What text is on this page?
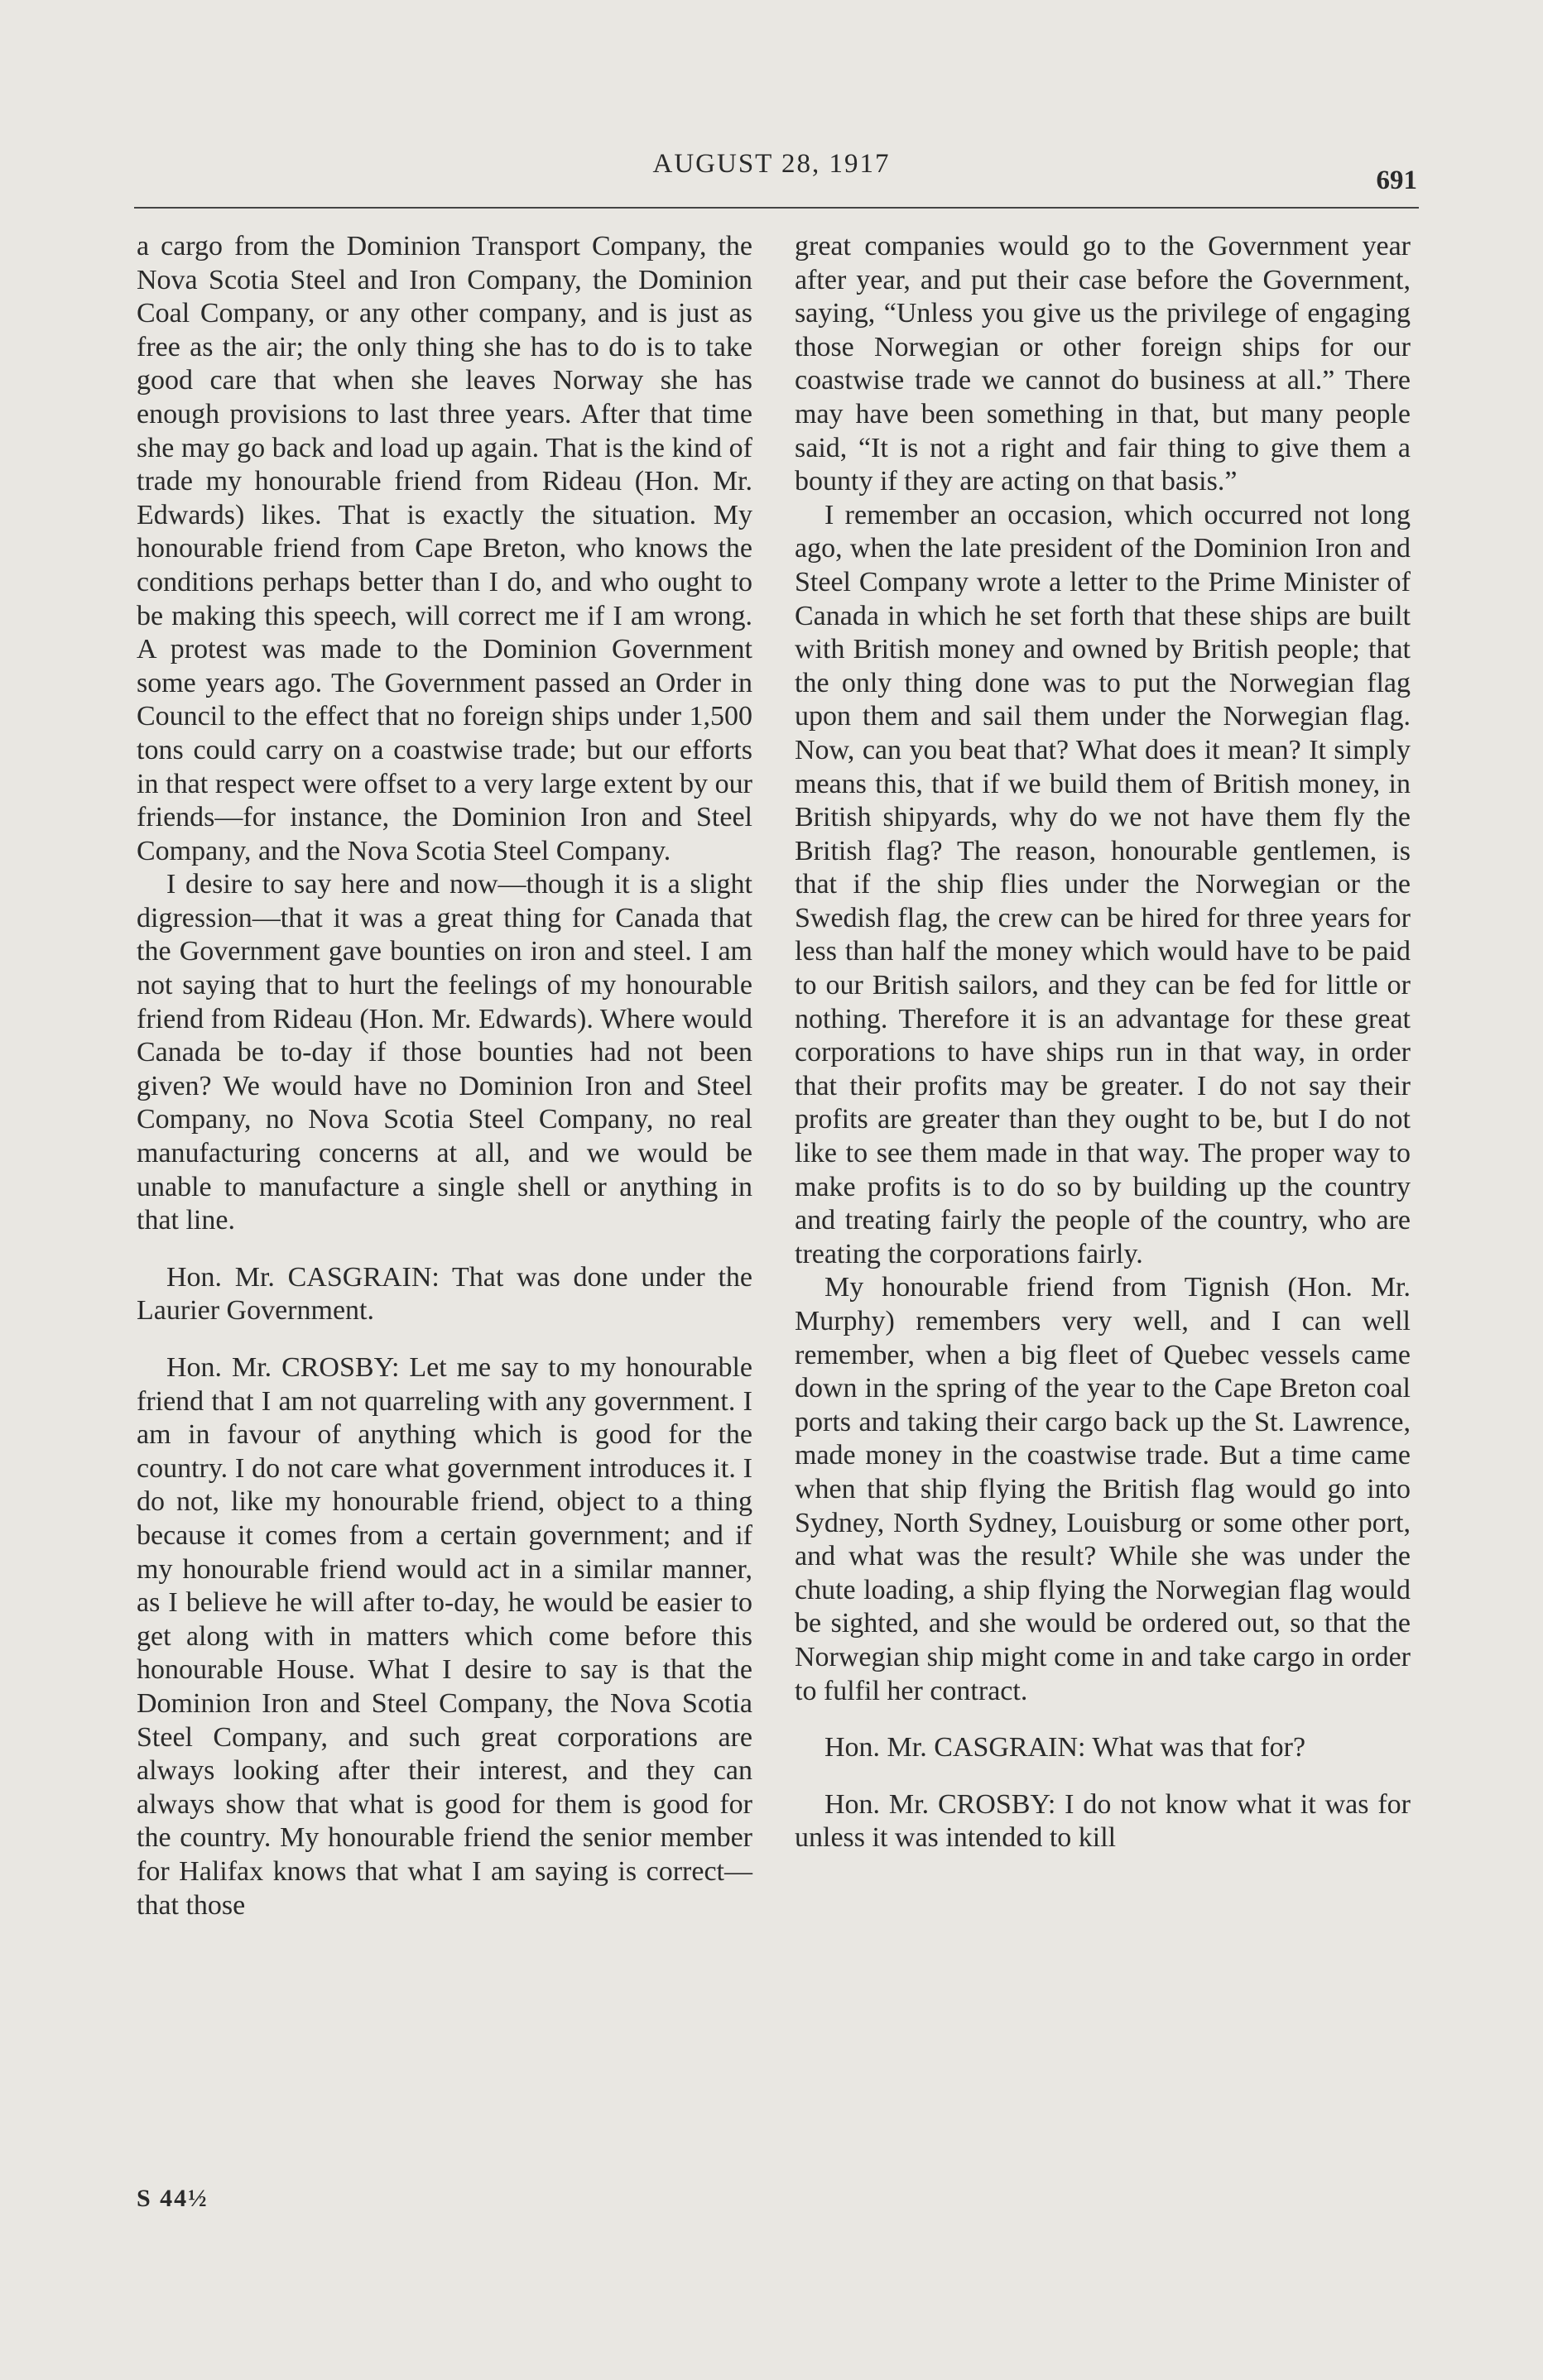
AUGUST 28, 1917
691

a cargo from the Dominion Transport Company, the Nova Scotia Steel and Iron Company, the Dominion Coal Company, or any other company, and is just as free as the air; the only thing she has to do is to take good care that when she leaves Norway she has enough provisions to last three years. After that time she may go back and load up again. That is the kind of trade my honourable friend from Rideau (Hon. Mr. Edwards) likes. That is exactly the situation. My honourable friend from Cape Breton, who knows the conditions perhaps better than I do, and who ought to be making this speech, will correct me if I am wrong. A protest was made to the Dominion Government some years ago. The Government passed an Order in Council to the effect that no foreign ships under 1,500 tons could carry on a coastwise trade; but our efforts in that respect were offset to a very large extent by our friends—for instance, the Dominion Iron and Steel Company, and the Nova Scotia Steel Company.

I desire to say here and now—though it is a slight digression—that it was a great thing for Canada that the Government gave bounties on iron and steel. I am not saying that to hurt the feelings of my honourable friend from Rideau (Hon. Mr. Edwards). Where would Canada be to-day if those bounties had not been given? We would have no Dominion Iron and Steel Company, no Nova Scotia Steel Company, no real manufacturing concerns at all, and we would be unable to manufacture a single shell or anything in that line.

Hon. Mr. CASGRAIN: That was done under the Laurier Government.

Hon. Mr. CROSBY: Let me say to my honourable friend that I am not quarreling with any government. I am in favour of anything which is good for the country. I do not care what government introduces it. I do not, like my honourable friend, object to a thing because it comes from a certain government; and if my honourable friend would act in a similar manner, as I believe he will after to-day, he would be easier to get along with in matters which come before this honourable House. What I desire to say is that the Dominion Iron and Steel Company, the Nova Scotia Steel Company, and such great corporations are always looking after their interest, and they can always show that what is good for them is good for the country. My honourable friend the senior member for Halifax knows that what I am saying is correct—that those

great companies would go to the Government year after year, and put their case before the Government, saying, “Unless you give us the privilege of engaging those Norwegian or other foreign ships for our coastwise trade we cannot do business at all.” There may have been something in that, but many people said, “It is not a right and fair thing to give them a bounty if they are acting on that basis.”

I remember an occasion, which occurred not long ago, when the late president of the Dominion Iron and Steel Company wrote a letter to the Prime Minister of Canada in which he set forth that these ships are built with British money and owned by British people; that the only thing done was to put the Norwegian flag upon them and sail them under the Norwegian flag. Now, can you beat that? What does it mean? It simply means this, that if we build them of British money, in British shipyards, why do we not have them fly the British flag? The reason, honourable gentlemen, is that if the ship flies under the Norwegian or the Swedish flag, the crew can be hired for three years for less than half the money which would have to be paid to our British sailors, and they can be fed for little or nothing. Therefore it is an advantage for these great corporations to have ships run in that way, in order that their profits may be greater. I do not say their profits are greater than they ought to be, but I do not like to see them made in that way. The proper way to make profits is to do so by building up the country and treating fairly the people of the country, who are treating the corporations fairly.

My honourable friend from Tignish (Hon. Mr. Murphy) remembers very well, and I can well remember, when a big fleet of Quebec vessels came down in the spring of the year to the Cape Breton coal ports and taking their cargo back up the St. Lawrence, made money in the coastwise trade. But a time came when that ship flying the British flag would go into Sydney, North Sydney, Louisburg or some other port, and what was the result? While she was under the chute loading, a ship flying the Norwegian flag would be sighted, and she would be ordered out, so that the Norwegian ship might come in and take cargo in order to fulfil her contract.

Hon. Mr. CASGRAIN: What was that for?

Hon. Mr. CROSBY: I do not know what it was for unless it was intended to kill

S 44½
